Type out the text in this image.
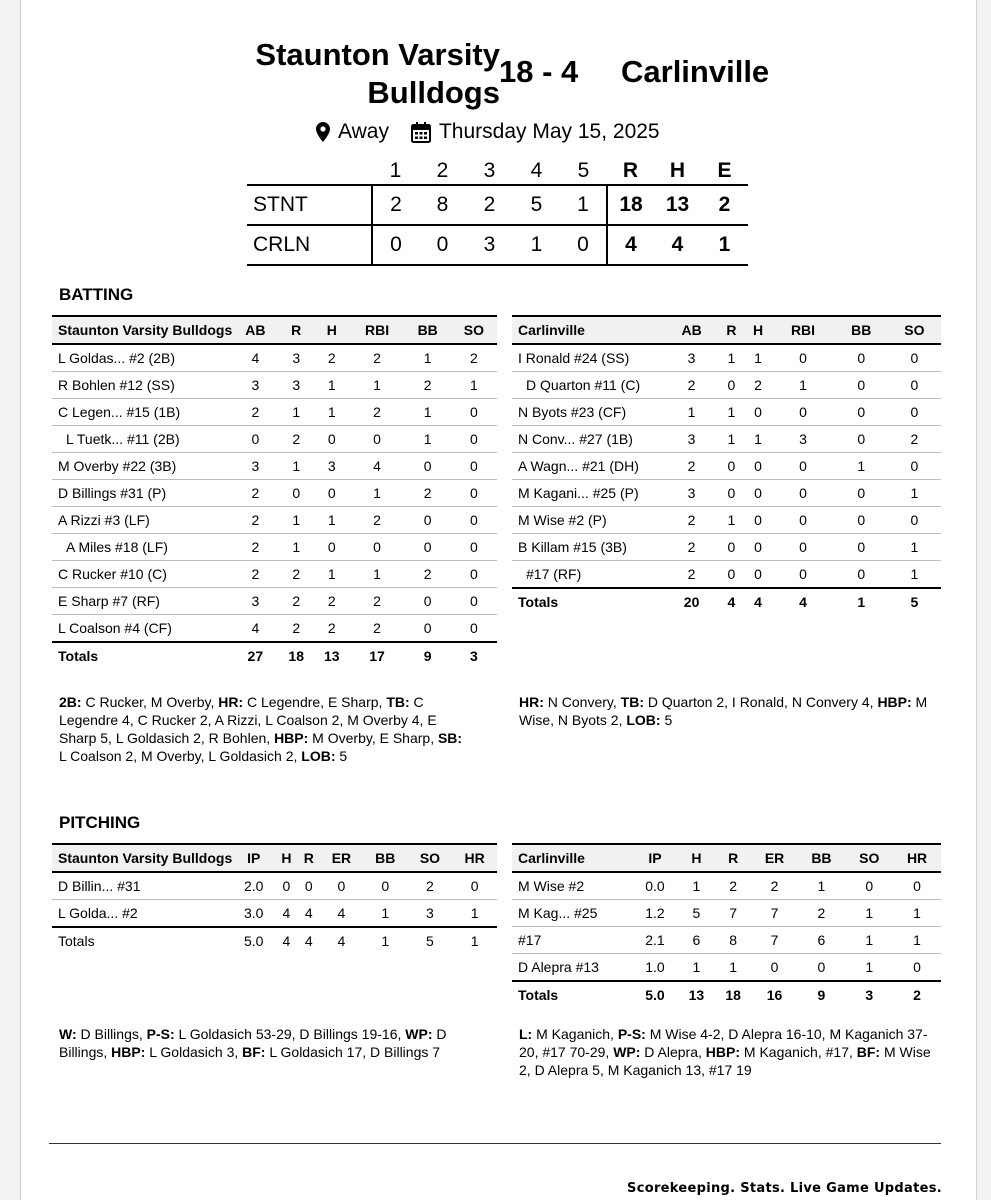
Staunton Varsity Bulldogs
18 - 4 Carlinville
Away Thursday May 15, 2025
	1	2	3	4	5	R	H	E
STNT	2	8	2	5	1	18	13	2
CRLN	0	0	3	1	0	4	4	1
BATTING
Staunton Varsity Bulldogs	AB	R	H	RBI	BB	SO
L Goldas... #2 (2B)	4	3	2	2	1	2
R Bohlen #12 (SS)	3	3	1	1	2	1
C Legen... #15 (1B)	2	1	1	2	1	0
L Tuetk... #11 (2B)	0	2	0	0	1	0
M Overby #22 (3B)	3	1	3	4	0	0
D Billings #31 (P)	2	0	0	1	2	0
A Rizzi #3 (LF)	2	1	1	2	0	0
A Miles #18 (LF)	2	1	0	0	0	0
C Rucker #10 (C)	2	2	1	1	2	0
E Sharp #7 (RF)	3	2	2	2	0	0
L Coalson #4 (CF)	4	2	2	2	0	0
Totals	27	18	13	17	9	3
Carlinville	AB	R	H	RBI	BB	SO
I Ronald #24 (SS)	3	1	1	0	0	0
D Quarton #11 (C)	2	0	2	1	0	0
N Byots #23 (CF)	1	1	0	0	0	0
N Conv... #27 (1B)	3	1	1	3	0	2
A Wagn... #21 (DH)	2	0	0	0	1	0
M Kagani... #25 (P)	3	0	0	0	0	1
M Wise #2 (P)	2	1	0	0	0	0
B Killam #15 (3B)	2	0	0	0	0	1
#17 (RF)	2	0	0	0	0	1
Totals	20	4	4	4	1	5
2B: C Rucker, M Overby, HR: C Legendre, E Sharp, TB: C Legendre 4, C Rucker 2, A Rizzi, L Coalson 2, M Overby 4, E Sharp 5, L Goldasich 2, R Bohlen, HBP: M Overby, E Sharp, SB: L Coalson 2, M Overby, L Goldasich 2, LOB: 5
HR: N Convery, TB: D Quarton 2, I Ronald, N Convery 4, HBP: M Wise, N Byots 2, LOB: 5
PITCHING
Staunton Varsity Bulldogs	IP	H	R	ER	BB	SO	HR
D Billin... #31	2.0	0	0	0	0	2	0
L Golda... #2	3.0	4	4	4	1	3	1
Totals	5.0	4	4	4	1	5	1
Carlinville	IP	H	R	ER	BB	SO	HR
M Wise #2	0.0	1	2	2	1	0	0
M Kag... #25	1.2	5	7	7	2	1	1
#17	2.1	6	8	7	6	1	1
D Alepra #13	1.0	1	1	0	0	1	0
Totals	5.0	13	18	16	9	3	2
W: D Billings, P-S: L Goldasich 53-29, D Billings 19-16, WP: D Billings, HBP: L Goldasich 3, BF: L Goldasich 17, D Billings 7
L: M Kaganich, P-S: M Wise 4-2, D Alepra 16-10, M Kaganich 37-20, #17 70-29, WP: D Alepra, HBP: M Kaganich, #17, BF: M Wise 2, D Alepra 5, M Kaganich 13, #17 19
Scorekeeping. Stats. Live Game Updates.
